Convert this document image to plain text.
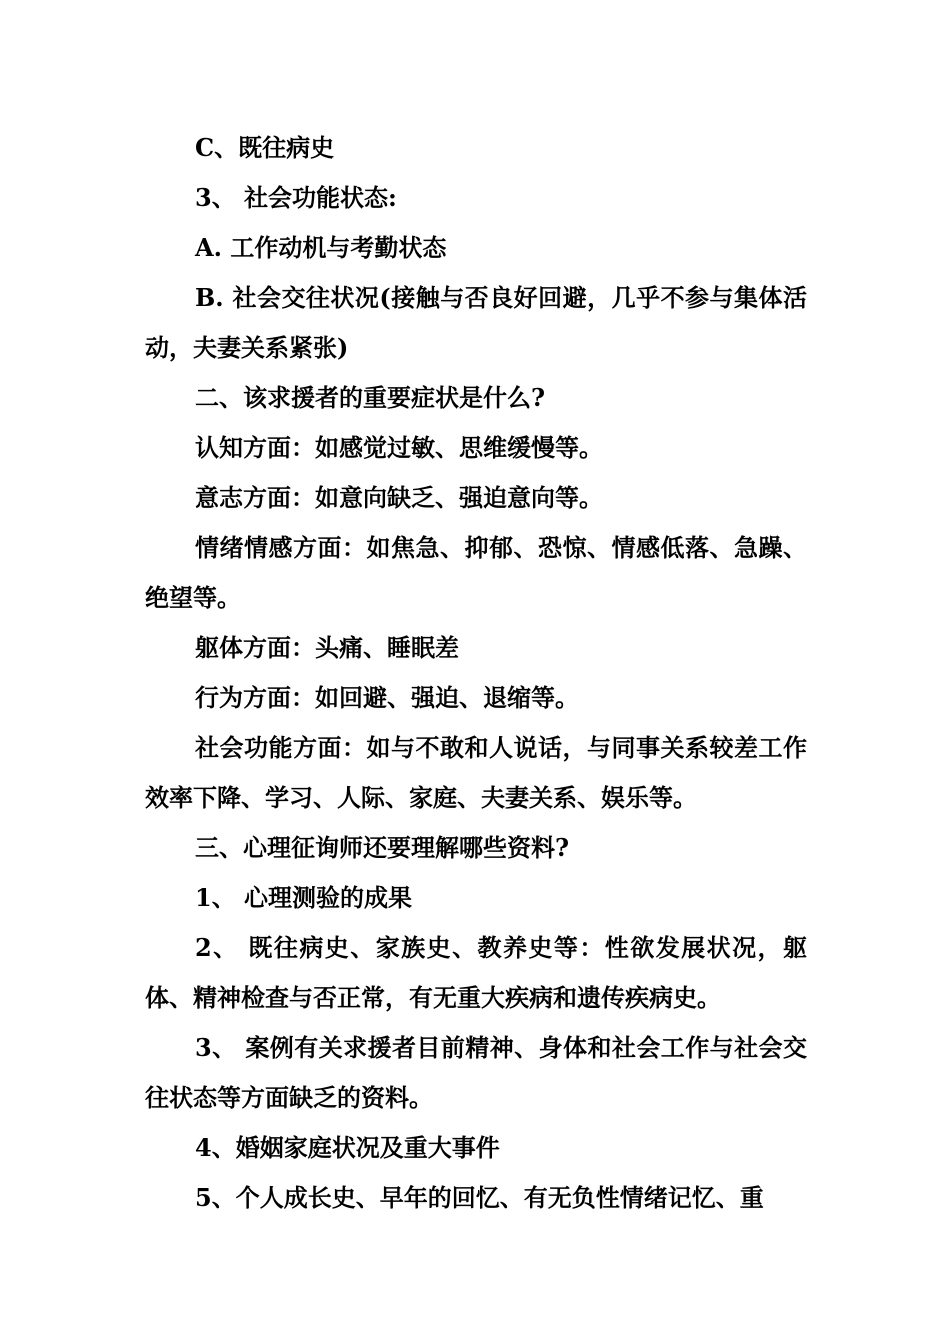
C、既往病史

3、 社会功能状态:

A. 工作动机与考勤状态

B. 社会交往状况(接触与否良好回避，几乎不参与集体活动，夫妻关系紧张)

二、该求援者的重要症状是什么?

认知方面：如感觉过敏、思维缓慢等。

意志方面：如意向缺乏、强迫意向等。

情绪情感方面：如焦急、抑郁、恐惊、情感低落、急躁、绝望等。

躯体方面：头痛、睡眠差

行为方面：如回避、强迫、退缩等。

社会功能方面：如与不敢和人说话，与同事关系较差工作效率下降、学习、人际、家庭、夫妻关系、娱乐等。

三、心理征询师还要理解哪些资料?

1、 心理测验的成果

2、 既往病史、家族史、教养史等：性欲发展状况，躯体、精神检查与否正常，有无重大疾病和遗传疾病史。

3、 案例有关求援者目前精神、身体和社会工作与社会交往状态等方面缺乏的资料。

4、婚姻家庭状况及重大事件

5、个人成长史、早年的回忆、有无负性情绪记忆、重
